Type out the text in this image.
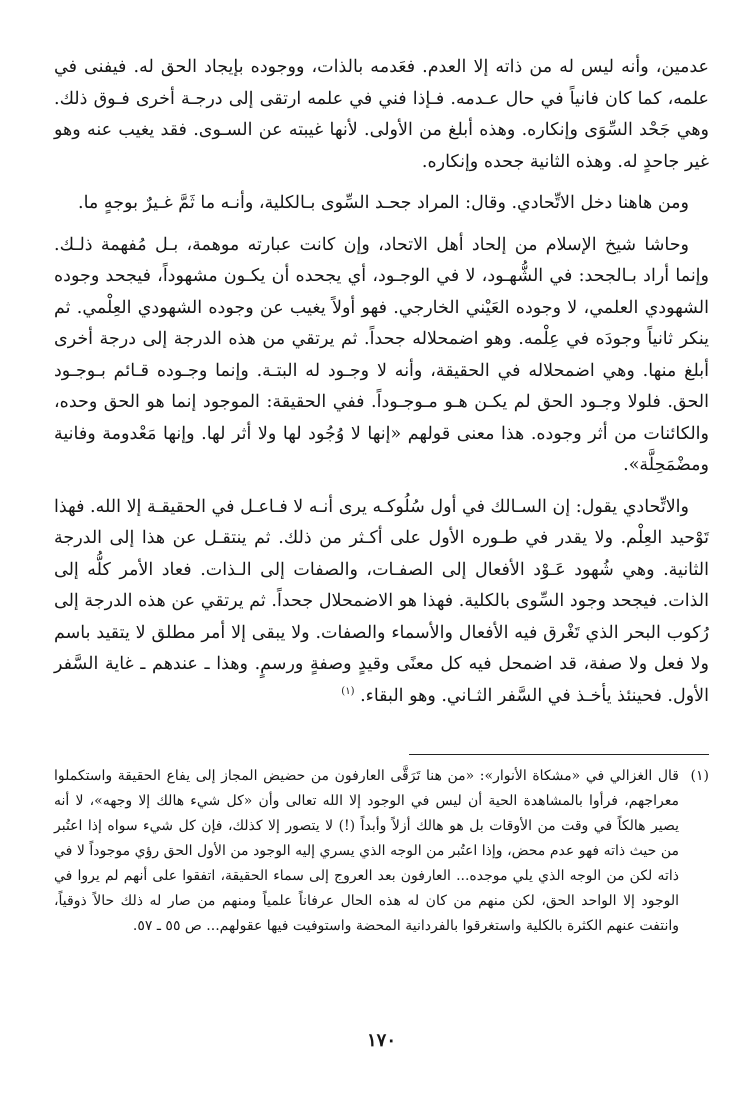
عدمين، وأنه ليس له من ذاته إلا العدم. فعَدمه بالذات، ووجوده بإيجاد الحق له. فيفنى في علمه، كما كان فانياً في حال عـدمه. فـإذا فني في علمه ارتقى إلى درجـة أخرى فـوق ذلك. وهي جَحْد السِّوَى وإنكاره. وهذه أبلغ من الأولى. لأنها غيبته عن السـوى. فقد يغيب عنه وهو غير جاحدٍ له. وهذه الثانية جحده وإنكاره.

ومن هاهنا دخل الاتِّحادي. وقال: المراد جحـد السِّوى بـالكلية، وأنـه ما ثَمَّ غـيرٌ بوجهٍ ما.

وحاشا شيخ الإسلام من إلحاد أهل الاتحاد، وإن كانت عبارته موهمة، بـل مُفهمة ذلـك. وإنما أراد بـالجحد: في الشُّهـود، لا في الوجـود، أي يجحده أن يكـون مشهوداً، فيجحد وجوده الشهودي العلمي، لا وجوده العَيْني الخارجي. فهو أولاً يغيب عن وجوده الشهودي العِلْمي. ثم ينكر ثانياً وجودَه في عِلْمه. وهو اضمحلاله جحداً. ثم يرتقي من هذه الدرجة إلى درجة أخرى أبلغ منها. وهي اضمحلاله في الحقيقة، وأنه لا وجـود له البتـة. وإنما وجـوده قـائم بـوجـود الحق. فلولا وجـود الحق لم يكـن هـو مـوجـوداً. ففي الحقيقة: الموجود إنما هو الحق وحده، والكائنات من أثر وجوده. هذا معنى قولهم «إنها لا وُجُود لها ولا أثر لها. وإنها مَعْدومة وفانية ومضْمَحِلَّة».

والاتِّحادي يقول: إن السـالك في أول سُلُوكـه يرى أنـه لا فـاعـل في الحقيقـة إلا الله. فهذا تَوْحيد العِلْم. ولا يقدر في طـوره الأول على أكـثر من ذلك. ثم ينتقـل عن هذا إلى الدرجة الثانية. وهي شُهود عَـوْد الأفعال إلى الصفـات، والصفات إلى الـذات. فعاد الأمر كلُّه إلى الذات. فيجحد وجود السِّوى بالكلية. فهذا هو الاضمحلال جحداً. ثم يرتقي عن هذه الدرجة إلى رُكوب البحر الذي تَغْرق فيه الأفعال والأسماء والصفات. ولا يبقى إلا أمر مطلق لا يتقيد باسم ولا فعل ولا صفة، قد اضمحل فيه كل معنًى وقيدٍ وصفةٍ ورسمٍ. وهذا ـ عندهم ـ غاية السَّفر الأول. فحينئذ يأخـذ في السَّفر الثـاني. وهو البقاء. $^{(١)}$

(١)
قال الغزالي في «مشكاة الأنوار»: «من هنا تَرَقَّى العارفون من حضيض المجاز إلى يفاع الحقيقة واستكملوا معراجهم، فرأوا بالمشاهدة الحية أن ليس في الوجود إلا الله تعالى وأن «كل شيء هالك إلا وجهه»، لا أنه يصير هالكاً في وقت من الأوقات بل هو هالك أزلاً وأبداً (!) لا يتصور إلا كذلك، فإن كل شيء سواه إذا اعتُبر من حيث ذاته فهو عدم محض، وإذا اعتُبر من الوجه الذي يسري إليه الوجود من الأول الحق رؤي موجوداً لا في ذاته لكن من الوجه الذي يلي موجده... العارفون بعد العروج إلى سماء الحقيقة، اتفقوا على أنهم لم يروا في الوجود إلا الواحد الحق، لكن منهم من كان له هذه الحال عرفاناً علمياً ومنهم من صار له ذلك حالاً ذوقياً، وانتفت عنهم الكثرة بالكلية واستغرقوا بالفردانية المحضة واستوفيت فيها عقولهم... ص ٥٥ ـ ٥٧.
١٧٠
